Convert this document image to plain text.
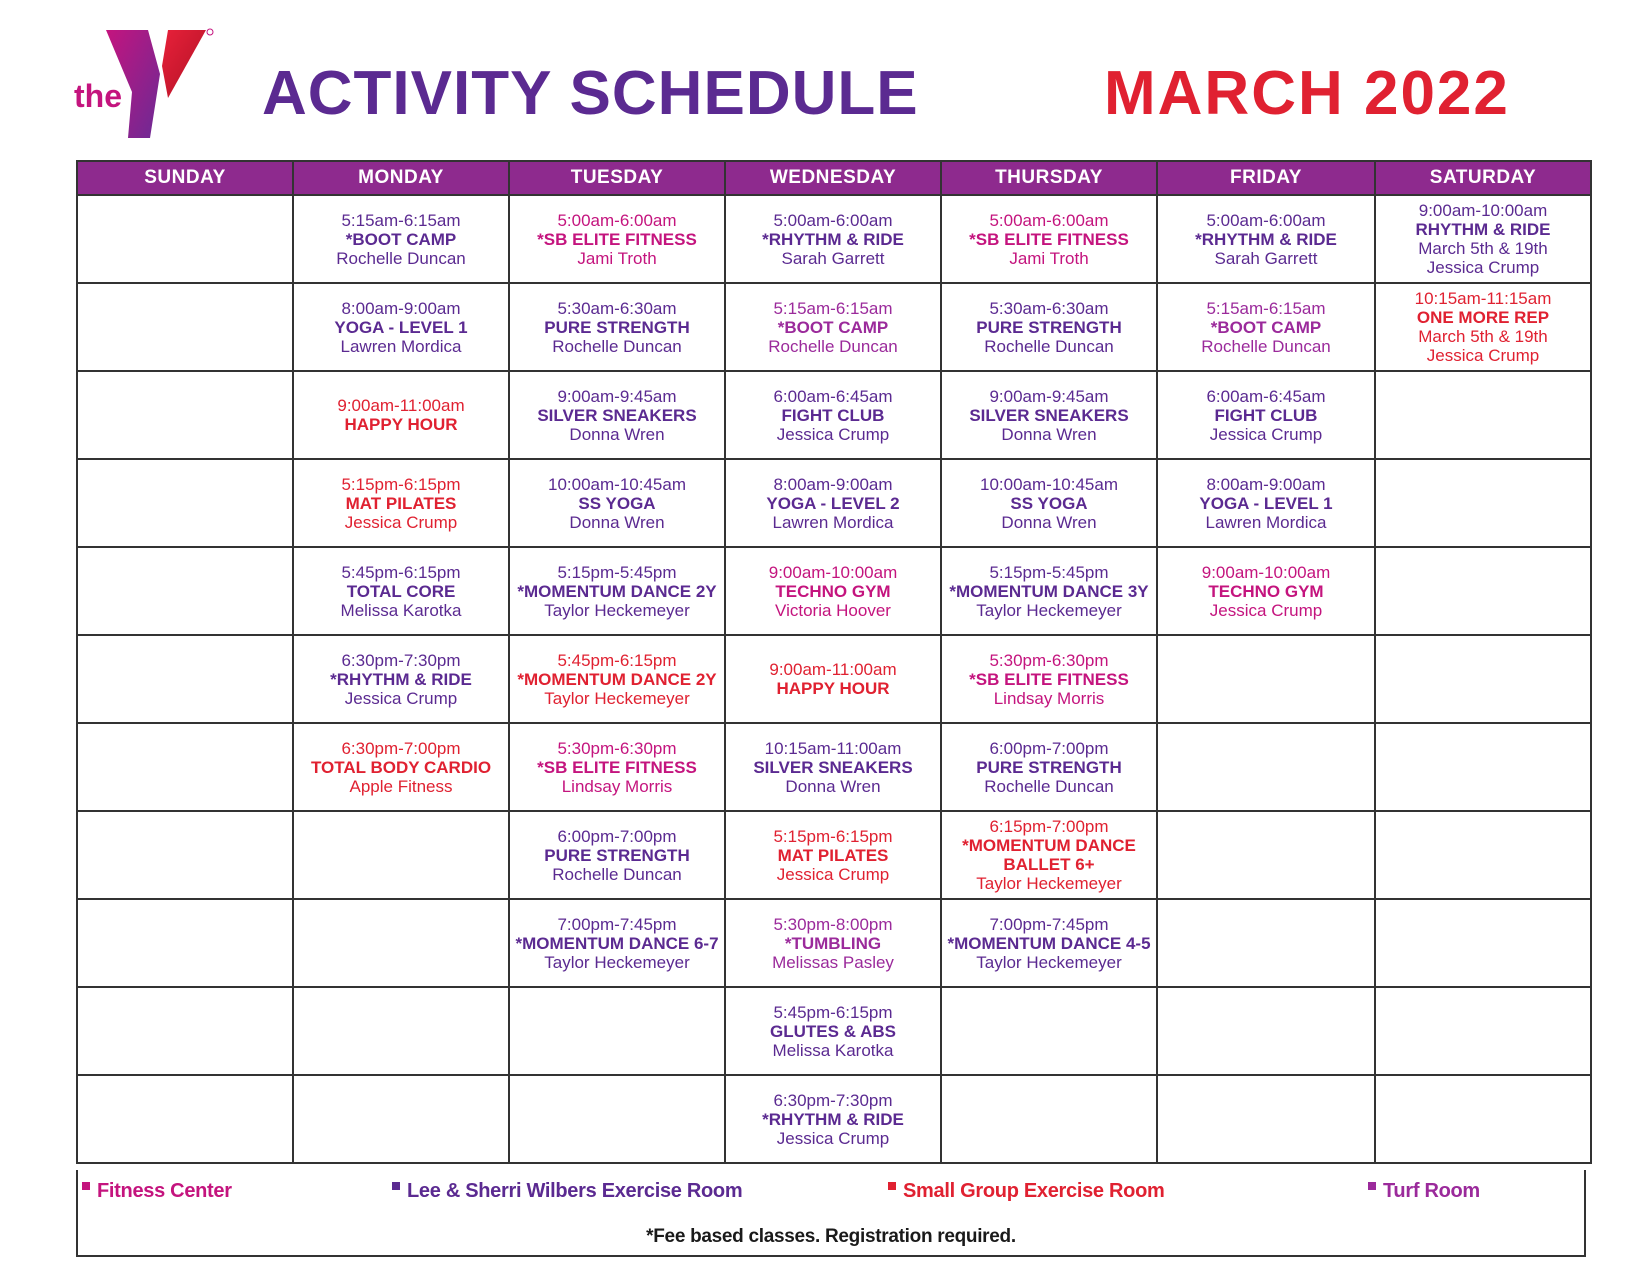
the	YMCA ACTIVITY SCHEDULE	MARCH 2022
SUNDAY	MONDAY	TUESDAY	WEDNESDAY	THURSDAY	FRIDAY	SATURDAY

	5:15am-6:15am
*BOOT CAMP
Rochelle Duncan	5:00am-6:00am
*SB ELITE FITNESS
Jami Troth	5:00am-6:00am
*RHYTHM & RIDE
Sarah Garrett	5:00am-6:00am
*SB ELITE FITNESS
Jami Troth	5:00am-6:00am
*RHYTHM & RIDE
Sarah Garrett	9:00am-10:00am
RHYTHM & RIDE
March 5th & 19th
Jessica Crump

	8:00am-9:00am
YOGA - LEVEL 1
Lawren Mordica	5:30am-6:30am
PURE STRENGTH
Rochelle Duncan	5:15am-6:15am
*BOOT CAMP
Rochelle Duncan	5:30am-6:30am
PURE STRENGTH
Rochelle Duncan	5:15am-6:15am
*BOOT CAMP
Rochelle Duncan	10:15am-11:15am
ONE MORE REP
March 5th & 19th
Jessica Crump

	9:00am-11:00am
HAPPY HOUR	9:00am-9:45am
SILVER SNEAKERS
Donna Wren	6:00am-6:45am
FIGHT CLUB
Jessica Crump	9:00am-9:45am
SILVER SNEAKERS
Donna Wren	6:00am-6:45am
FIGHT CLUB
Jessica Crump	

	5:15pm-6:15pm
MAT PILATES
Jessica Crump	10:00am-10:45am
SS YOGA
Donna Wren	8:00am-9:00am
YOGA - LEVEL 2
Lawren Mordica	10:00am-10:45am
SS YOGA
Donna Wren	8:00am-9:00am
YOGA - LEVEL 1
Lawren Mordica	

	5:45pm-6:15pm
TOTAL CORE
Melissa Karotka	5:15pm-5:45pm
*MOMENTUM DANCE 2Y
Taylor Heckemeyer	9:00am-10:00am
TECHNO GYM
Victoria Hoover	5:15pm-5:45pm
*MOMENTUM DANCE 3Y
Taylor Heckemeyer	9:00am-10:00am
TECHNO GYM
Jessica Crump	

	6:30pm-7:30pm
*RHYTHM & RIDE
Jessica Crump	5:45pm-6:15pm
*MOMENTUM DANCE 2Y
Taylor Heckemeyer	9:00am-11:00am
HAPPY HOUR	5:30pm-6:30pm
*SB ELITE FITNESS
Lindsay Morris		

	6:30pm-7:00pm
TOTAL BODY CARDIO
Apple Fitness	5:30pm-6:30pm
*SB ELITE FITNESS
Lindsay Morris	10:15am-11:00am
SILVER SNEAKERS
Donna Wren	6:00pm-7:00pm
PURE STRENGTH
Rochelle Duncan		

		6:00pm-7:00pm
PURE STRENGTH
Rochelle Duncan	5:15pm-6:15pm
MAT PILATES
Jessica Crump	6:15pm-7:00pm
*MOMENTUM DANCE BALLET 6+
Taylor Heckemeyer		

		7:00pm-7:45pm
*MOMENTUM DANCE 6-7
Taylor Heckemeyer	5:30pm-8:00pm
*TUMBLING
Melissas Pasley	7:00pm-7:45pm
*MOMENTUM DANCE 4-5
Taylor Heckemeyer		

			5:45pm-6:15pm
GLUTES & ABS
Melissa Karotka			

			6:30pm-7:30pm
*RHYTHM & RIDE
Jessica Crump			

Fitness Center	Lee & Sherri Wilbers Exercise Room	Small Group Exercise Room	Turf Room
*Fee based classes. Registration required.
